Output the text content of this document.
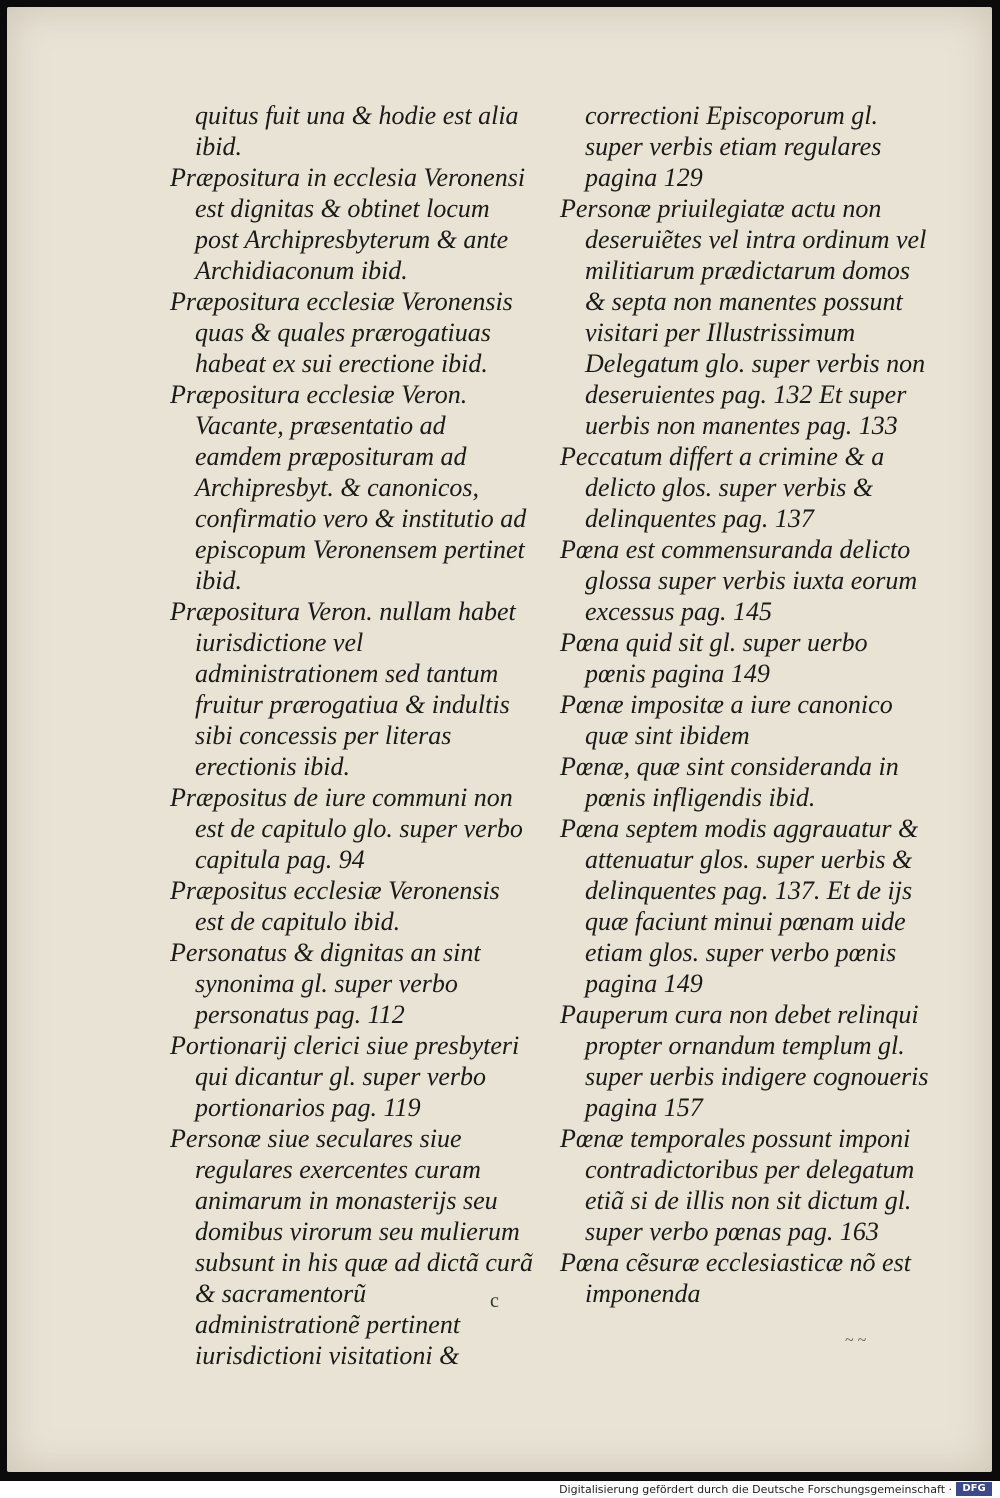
quitus fuit una & hodie est alia ibid.
Præpositura in ecclesia Veronensi est dignitas & obtinet locum post Archipresbyterum & ante Archidiaconum ibid.
Præpositura ecclesiæ Veronensis quas & quales prærogatiuas habeat ex sui erectione ibid.
Præpositura ecclesiæ Veron. Vacante, præsentatio ad eamdem præposituram ad Archipresbyt. & canonicos, confirmatio vero & institutio ad episcopum Veronensem pertinet ibid.
Præpositura Veron. nullam habet iurisdictione vel administrationem sed tantum fruitur prærogatiua & indultis sibi concessis per literas erectionis ibid.
Præpositus de iure communi non est de capitulo glo. super verbo capitula pag. 94
Præpositus ecclesiæ Veronensis est de capitulo ibid.
Personatus & dignitas an sint synonima gl. super verbo personatus pag. 112
Portionarij clerici siue presbyteri qui dicantur gl. super verbo portionarios pag. 119
Personæ siue seculares siue regulares exercentes curam animarum in monasterijs seu domibus virorum seu mulierum subsunt in his quæ ad dictã curã & sacramentorũ administrationẽ pertinent iurisdictioni visitationi &
correctioni Episcoporum gl. super verbis etiam regulares pagina 129
Personæ priuilegiatæ actu non deseruiẽtes vel intra ordinum vel militiarum prædictarum domos & septa non manentes possunt visitari per Illustrissimum Delegatum glo. super verbis non deseruientes pag. 132 Et super uerbis non manentes pag. 133
Peccatum differt a crimine & a delicto glos. super verbis & delinquentes pag. 137
Pœna est commensuranda delicto glossa super verbis iuxta eorum excessus pag. 145
Pœna quid sit gl. super uerbo pœnis pagina 149
Pœnæ impositæ a iure canonico quæ sint ibidem
Pœnæ, quæ sint consideranda in pœnis infligendis ibid.
Pœna septem modis aggrauatur & attenuatur glos. super uerbis & delinquentes pag. 137. Et de ijs quæ faciunt minui pœnam uide etiam glos. super verbo pœnis pagina 149
Pauperum cura non debet relinqui propter ornandum templum gl. super uerbis indigere cognoueris pagina 157
Pœnæ temporales possunt imponi contradictoribus per delegatum etiã si de illis non sit dictum gl. super verbo pœnas pag. 163
Pœna cẽsuræ ecclesiasticæ nõ est imponenda
c
~ ~
Digitalisierung gefördert durch die Deutsche Forschungsgemeinschaft ·	DFG
